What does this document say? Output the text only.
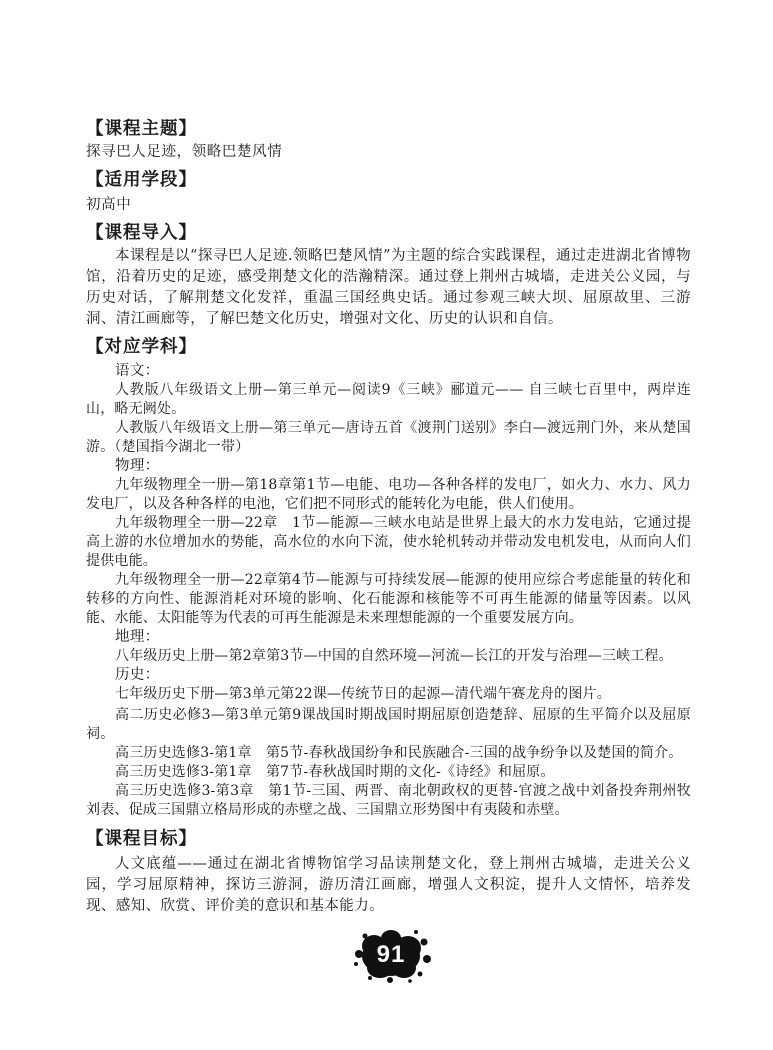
【课程主题】
探寻巴人足迹，领略巴楚风情
【适用学段】
初高中
【课程导入】
本课程是以“探寻巴人足迹.领略巴楚风情”为主题的综合实践课程，通过走进湖北省博物馆，沿着历史的足迹，感受荆楚文化的浩瀚精深。通过登上荆州古城墙，走进关公义园，与历史对话，了解荆楚文化发祥，重温三国经典史话。通过参观三峡大坝、屈原故里、三游洞、清江画廊等，了解巴楚文化历史，增强对文化、历史的认识和自信。
【对应学科】
语文：
人教版八年级语文上册—第三单元—阅读9《三峡》郦道元—— 自三峡七百里中，两岸连山，略无阙处。
人教版八年级语文上册—第三单元—唐诗五首《渡荆门送别》李白—渡远荆门外，来从楚国游。（楚国指今湖北一带）
物理：
九年级物理全一册—第18章第1节—电能、电功—各种各样的发电厂，如火力、水力、风力发电厂，以及各种各样的电池，它们把不同形式的能转化为电能，供人们使用。
九年级物理全一册—22章　1节—能源—三峡水电站是世界上最大的水力发电站，它通过提高上游的水位增加水的势能，高水位的水向下流，使水轮机转动并带动发电机发电，从而向人们提供电能。
九年级物理全一册—22章第4节—能源与可持续发展—能源的使用应综合考虑能量的转化和转移的方向性、能源消耗对环境的影响、化石能源和核能等不可再生能源的储量等因素。以风能、水能、太阳能等为代表的可再生能源是未来理想能源的一个重要发展方向。
地理：
八年级历史上册—第2章第3节—中国的自然环境—河流—长江的开发与治理—三峡工程。
历史：
七年级历史下册—第3单元第22课—传统节日的起源—清代端午赛龙舟的图片。
高二历史必修3—第3单元第9课战国时期战国时期屈原创造楚辞、屈原的生平简介以及屈原祠。
高三历史选修3-第1章　第5节-春秋战国纷争和民族融合-三国的战争纷争以及楚国的简介。
高三历史选修3-第1章　第7节-春秋战国时期的文化-《诗经》和屈原。
高三历史选修3-第3章　第1节-三国、两晋、南北朝政权的更替-官渡之战中刘备投奔荆州牧刘表、促成三国鼎立格局形成的赤壁之战、三国鼎立形势图中有夷陵和赤壁。
【课程目标】
人文底蕴——通过在湖北省博物馆学习品读荆楚文化，登上荆州古城墙，走进关公义园，学习屈原精神，探访三游洞，游历清江画廊，增强人文积淀，提升人文情怀，培养发现、感知、欣赏、评价美的意识和基本能力。
91
